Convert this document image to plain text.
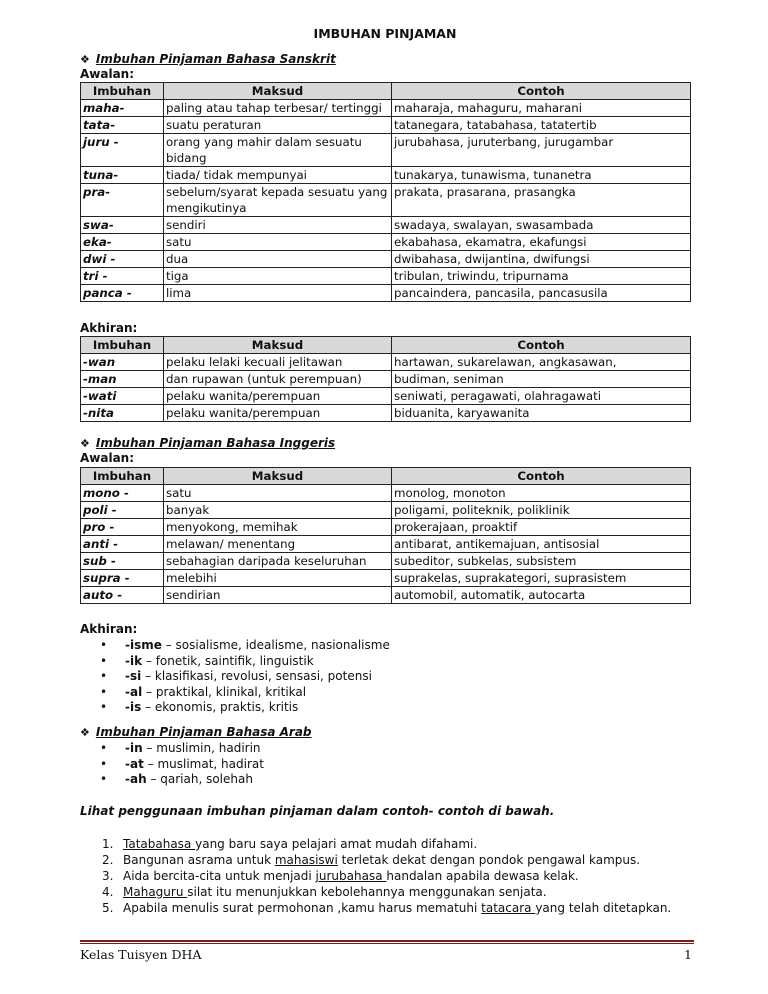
IMBUHAN PINJAMAN
❖ Imbuhan Pinjaman Bahasa Sanskrit
Awalan:
Imbuhan	Maksud	Contoh
maha-	paling atau tahap terbesar/ tertinggi	maharaja, mahaguru, maharani
tata-	suatu peraturan	tatanegara, tatabahasa, tatatertib
juru -	orang yang mahir dalam sesuatu bidang	jurubahasa, juruterbang, jurugambar
tuna-	tiada/ tidak mempunyai	tunakarya, tunawisma, tunanetra
pra-	sebelum/syarat kepada sesuatu yang mengikutinya	prakata, prasarana, prasangka
swa-	sendiri	swadaya, swalayan, swasambada
eka-	satu	ekabahasa, ekamatra, ekafungsi
dwi -	dua	dwibahasa, dwijantina, dwifungsi
tri -	tiga	tribulan, triwindu, tripurnama
panca -	lima	pancaindera, pancasila, pancasusila
Akhiran:
Imbuhan	Maksud	Contoh
-wan	pelaku lelaki kecuali jelitawan	hartawan, sukarelawan, angkasawan,
-man	dan rupawan (untuk perempuan)	budiman, seniman
-wati	pelaku wanita/perempuan	seniwati, peragawati, olahragawati
-nita	pelaku wanita/perempuan	biduanita, karyawanita
❖ Imbuhan Pinjaman Bahasa Inggeris
Awalan:
Imbuhan	Maksud	Contoh
mono -	satu	monolog, monoton
poli -	banyak	poligami, politeknik, poliklinik
pro -	menyokong, memihak	prokerajaan, proaktif
anti -	melawan/ menentang	antibarat, antikemajuan, antisosial
sub -	sebahagian daripada keseluruhan	subeditor, subkelas, subsistem
supra -	melebihi	suprakelas, suprakategori, suprasistem
auto -	sendirian	automobil, automatik, autocarta
Akhiran:
• -isme – sosialisme, idealisme, nasionalisme
• -ik – fonetik, saintifik, linguistik
• -si – klasifikasi, revolusi, sensasi, potensi
• -al – praktikal, klinikal, kritikal
• -is – ekonomis, praktis, kritis
❖ Imbuhan Pinjaman Bahasa Arab
• -in – muslimin, hadirin
• -at – muslimat, hadirat
• -ah – qariah, solehah
Lihat penggunaan imbuhan pinjaman dalam contoh- contoh di bawah.
1. Tatabahasa yang baru saya pelajari amat mudah difahami.
2. Bangunan asrama untuk mahasiswi terletak dekat dengan pondok pengawal kampus.
3. Aida bercita-cita untuk menjadi jurubahasa handalan apabila dewasa kelak.
4. Mahaguru silat itu menunjukkan kebolehannya menggunakan senjata.
5. Apabila menulis surat permohonan ,kamu harus mematuhi tatacara yang telah ditetapkan.
Kelas Tuisyen DHA	1
